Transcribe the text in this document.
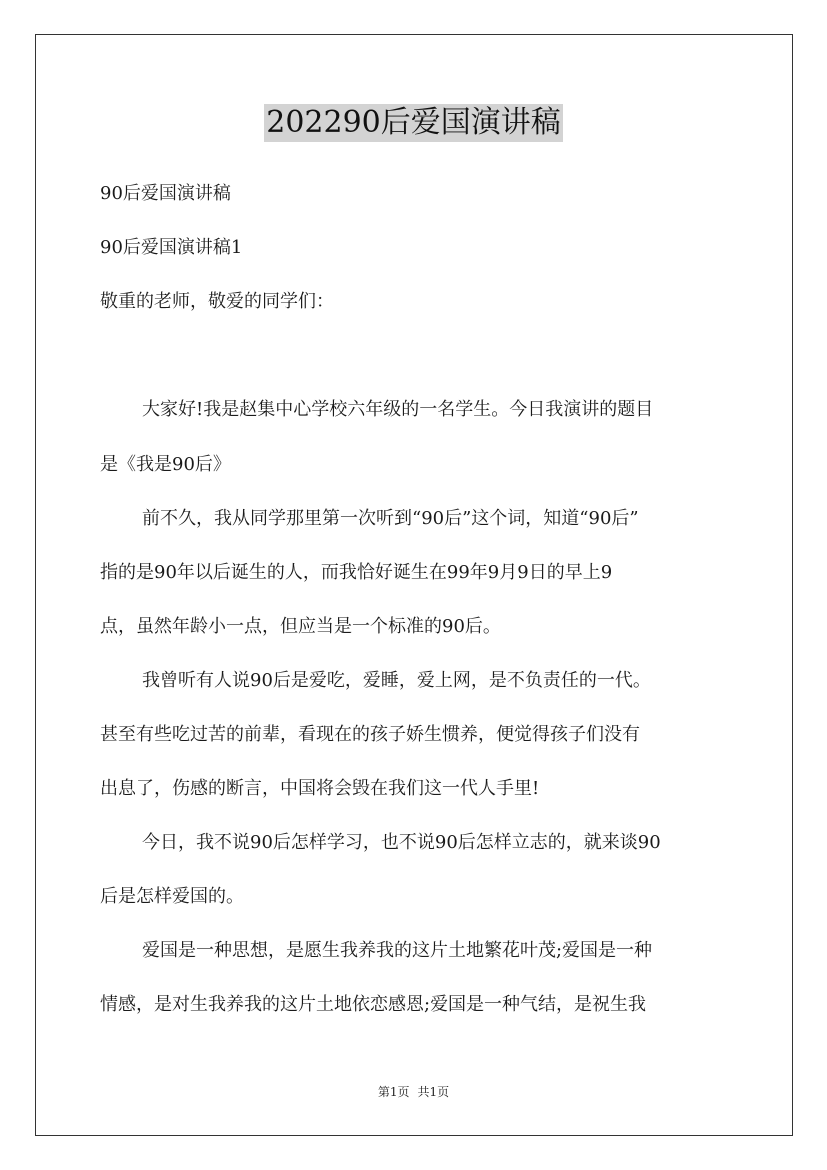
202290后爱国演讲稿
90后爱国演讲稿
90后爱国演讲稿1
敬重的老师，敬爱的同学们：
大家好!我是赵集中心学校六年级的一名学生。今日我演讲的题目
是《我是90后》
前不久，我从同学那里第一次听到“90后”这个词，知道“90后”
指的是90年以后诞生的人，而我恰好诞生在99年9月9日的早上9
点，虽然年龄小一点，但应当是一个标准的90后。
我曾听有人说90后是爱吃，爱睡，爱上网，是不负责任的一代。
甚至有些吃过苦的前辈，看现在的孩子娇生惯养，便觉得孩子们没有
出息了，伤感的断言，中国将会毁在我们这一代人手里!
今日，我不说90后怎样学习，也不说90后怎样立志的，就来谈90
后是怎样爱国的。
爱国是一种思想，是愿生我养我的这片土地繁花叶茂;爱国是一种
情感，是对生我养我的这片土地依恋感恩;爱国是一种气结，是祝生我
第1页 共1页
